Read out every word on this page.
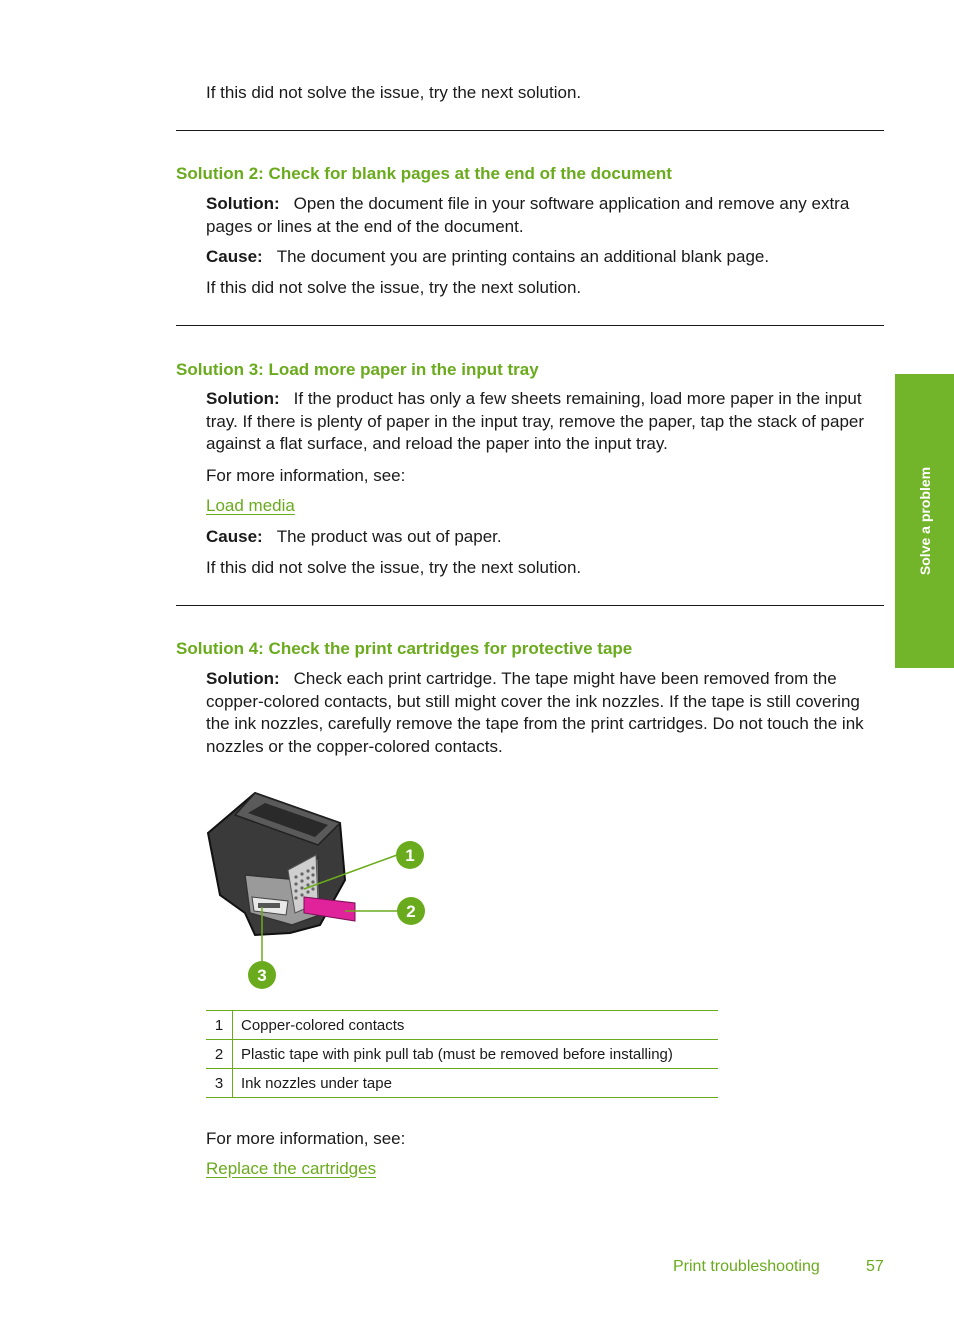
If this did not solve the issue, try the next solution.

Solution 2: Check for blank pages at the end of the document

Solution: Open the document file in your software application and remove any extra pages or lines at the end of the document.

Cause: The document you are printing contains an additional blank page.

If this did not solve the issue, try the next solution.

Solution 3: Load more paper in the input tray

Solution: If the product has only a few sheets remaining, load more paper in the input tray. If there is plenty of paper in the input tray, remove the paper, tap the stack of paper against a flat surface, and reload the paper into the input tray.

For more information, see:

Load media

Cause: The product was out of paper.

If this did not solve the issue, try the next solution.

Solution 4: Check the print cartridges for protective tape

Solution: Check each print cartridge. The tape might have been removed from the copper-colored contacts, but still might cover the ink nozzles. If the tape is still covering the ink nozzles, carefully remove the tape from the print cartridges. Do not touch the ink nozzles or the copper-colored contacts.

1
2
3
1	Copper-colored contacts
2	Plastic tape with pink pull tab (must be removed before installing)
3	Ink nozzles under tape

For more information, see:

Replace the cartridges

Solve a problem
Print troubleshooting	57
